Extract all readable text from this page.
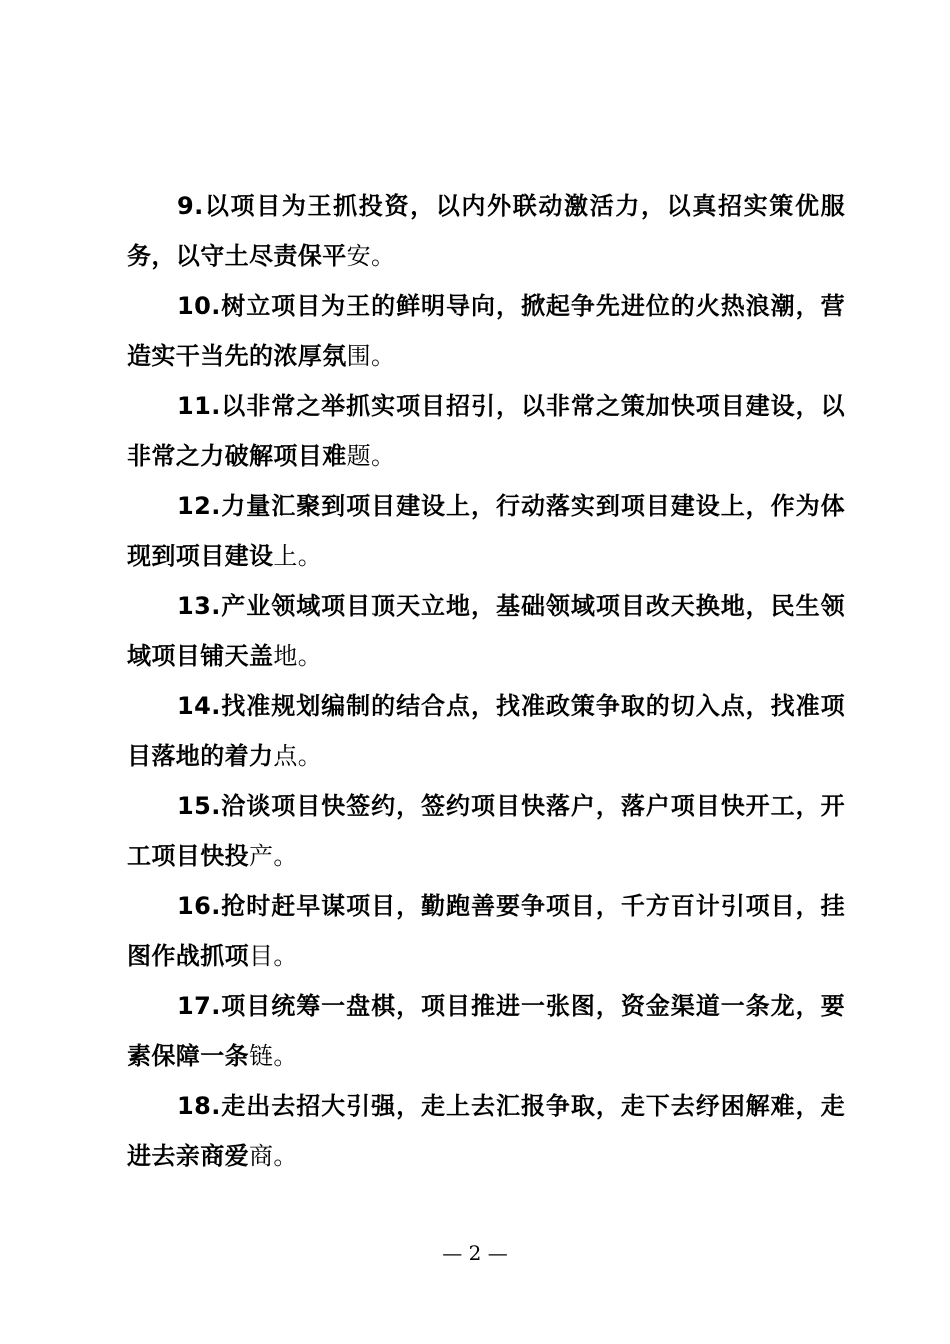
9.以项目为王抓投资，以内外联动激活力，以真招实策优服务，以守土尽责保平安。

10.树立项目为王的鲜明导向，掀起争先进位的火热浪潮，营造实干当先的浓厚氛围。

11.以非常之举抓实项目招引，以非常之策加快项目建设，以非常之力破解项目难题。

12.力量汇聚到项目建设上，行动落实到项目建设上，作为体现到项目建设上。

13.产业领域项目顶天立地，基础领域项目改天换地，民生领域项目铺天盖地。

14.找准规划编制的结合点，找准政策争取的切入点，找准项目落地的着力点。

15.洽谈项目快签约，签约项目快落户，落户项目快开工，开工项目快投产。

16.抢时赶早谋项目，勤跑善要争项目，千方百计引项目，挂图作战抓项目。

17.项目统筹一盘棋，项目推进一张图，资金渠道一条龙，要素保障一条链。

18.走出去招大引强，走上去汇报争取，走下去纾困解难，走进去亲商爱商。

— 2 —
